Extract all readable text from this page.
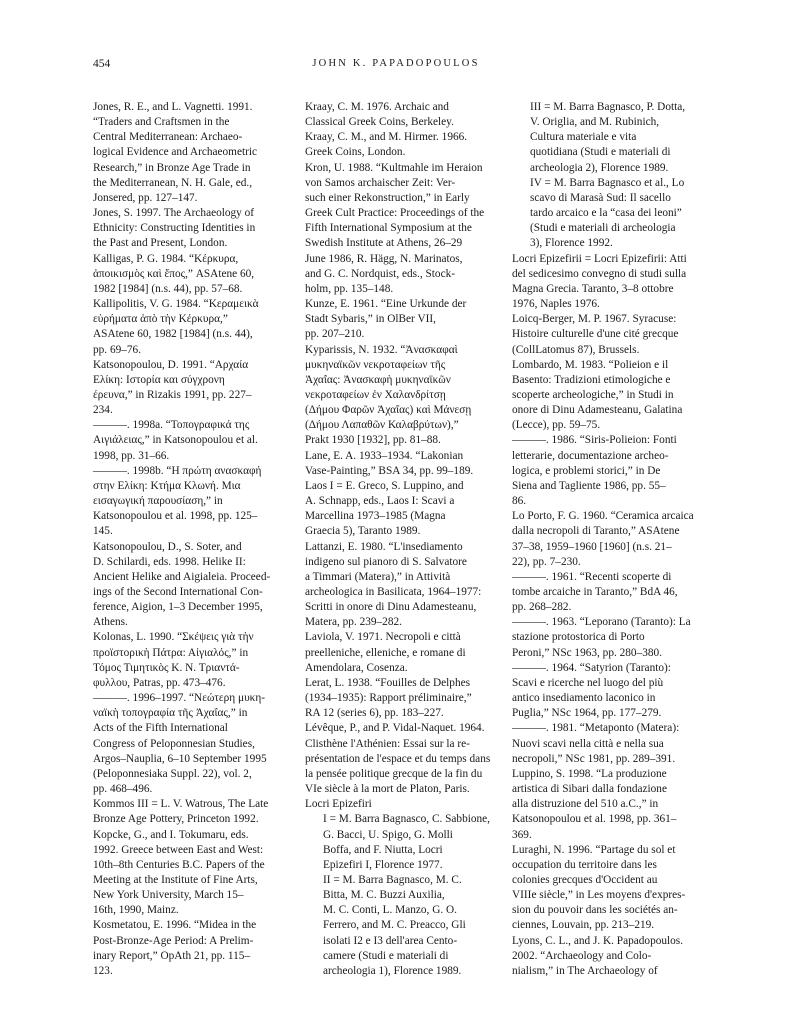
454	JOHN K. PAPADOPOULOS
Jones, R. E., and L. Vagnetti. 1991.
“Traders and Craftsmen in the
Central Mediterranean: Archaeo-
logical Evidence and Archaeometric
Research,” in Bronze Age Trade in
the Mediterranean, N. H. Gale, ed.,
Jonsered, pp. 127–147.
Jones, S. 1997. The Archaeology of
Ethnicity: Constructing Identities in
the Past and Present, London.
Kalligas, P. G. 1984. “Κέρκυρα,
ἀποικισμὸς καὶ ἔπος,” ASAtene 60,
1982 [1984] (n.s. 44), pp. 57–68.
Kallipolitis, V. G. 1984. “Κεραμεικὰ
εὑρήματα ἀπὸ τὴν Κέρκυρα,”
ASAtene 60, 1982 [1984] (n.s. 44),
pp. 69–76.
Katsonopoulou, D. 1991. “Αρχαία
Ελίκη: Ιστορία και σύγχρονη
έρευνα,” in Rizakis 1991, pp. 227–
234.
———. 1998a. “Τοπογραφικά της
Αιγιάλειας,” in Katsonopoulou et al.
1998, pp. 31–66.
———. 1998b. “Η πρώτη ανασκαφή
στην Ελίκη: Κτήμα Κλωνή. Μια
εισαγωγική παρουσίαση,” in
Katsonopoulou et al. 1998, pp. 125–
145.
Katsonopoulou, D., S. Soter, and
D. Schilardi, eds. 1998. Helike II:
Ancient Helike and Aigialeia. Proceed-
ings of the Second International Con-
ference, Aigion, 1–3 December 1995,
Athens.
Kolonas, L. 1990. “Σκέψεις γιὰ τὴν
προϊστορικὴ Πάτρα: Αἰγιαλός,” in
Τόμος Τιμητικὸς Κ. Ν. Τριαντά-
φυλλου, Patras, pp. 473–476.
———. 1996–1997. “Νεώτερη μυκη-
ναϊκὴ τοπογραφία τῆς Ἀχαΐας,” in
Acts of the Fifth International
Congress of Peloponnesian Studies,
Argos–Nauplia, 6–10 September 1995
(Peloponnesiaka Suppl. 22), vol. 2,
pp. 468–496.
Kommos III = L. V. Watrous, The Late
Bronze Age Pottery, Princeton 1992.
Kopcke, G., and I. Tokumaru, eds.
1992. Greece between East and West:
10th–8th Centuries B.C. Papers of the
Meeting at the Institute of Fine Arts,
New York University, March 15–
16th, 1990, Mainz.
Kosmetatou, E. 1996. “Midea in the
Post-Bronze-Age Period: A Prelim-
inary Report,” OpAth 21, pp. 115–
123.
Kraay, C. M. 1976. Archaic and
Classical Greek Coins, Berkeley.
Kraay, C. M., and M. Hirmer. 1966.
Greek Coins, London.
Kron, U. 1988. “Kultmahle im Heraion
von Samos archaischer Zeit: Ver-
such einer Rekonstruction,” in Early
Greek Cult Practice: Proceedings of the
Fifth International Symposium at the
Swedish Institute at Athens, 26–29
June 1986, R. Hägg, N. Marinatos,
and G. C. Nordquist, eds., Stock-
holm, pp. 135–148.
Kunze, E. 1961. “Eine Urkunde der
Stadt Sybaris,” in OlBer VII,
pp. 207–210.
Kyparissis, N. 1932. “Ἀνασκαφαὶ
μυκηναϊκῶν νεκροταφείων τῆς
Ἀχαΐας: Ἀνασκαφὴ μυκηναϊκῶν
νεκροταφείων ἐν Χαλανδρίτσῃ
(Δήμου Φαρῶν Ἀχαΐας) καὶ Μάνεσῃ
(Δήμου Λαπαθῶν Καλαβρύτων),”
Prakt 1930 [1932], pp. 81–88.
Lane, E. A. 1933–1934. “Lakonian
Vase-Painting,” BSA 34, pp. 99–189.
Laos I = E. Greco, S. Luppino, and
A. Schnapp, eds., Laos I: Scavi a
Marcellina 1973–1985 (Magna
Graecia 5), Taranto 1989.
Lattanzi, E. 1980. “L'insediamento
indigeno sul pianoro di S. Salvatore
a Timmari (Matera),” in Attività
archeologica in Basilicata, 1964–1977:
Scritti in onore di Dinu Adamesteanu,
Matera, pp. 239–282.
Laviola, V. 1971. Necropoli e città
preelleniche, elleniche, e romane di
Amendolara, Cosenza.
Lerat, L. 1938. “Fouilles de Delphes
(1934–1935): Rapport préliminaire,”
RA 12 (series 6), pp. 183–227.
Lévêque, P., and P. Vidal-Naquet. 1964.
Clisthène l'Athénien: Essai sur la re-
présentation de l'espace et du temps dans
la pensée politique grecque de la fin du
VIe siècle à la mort de Platon, Paris.
Locri Epizefiri
I = M. Barra Bagnasco, C. Sabbione,
G. Bacci, U. Spigo, G. Molli
Boffa, and F. Niutta, Locri
Epizefiri I, Florence 1977.
II = M. Barra Bagnasco, M. C.
Bitta, M. C. Buzzi Auxilia,
M. C. Conti, L. Manzo, G. O.
Ferrero, and M. C. Preacco, Gli
isolati I2 e I3 dell'area Cento-
camere (Studi e materiali di
archeologia 1), Florence 1989.
III = M. Barra Bagnasco, P. Dotta,
V. Origlia, and M. Rubinich,
Cultura materiale e vita
quotidiana (Studi e materiali di
archeologia 2), Florence 1989.
IV = M. Barra Bagnasco et al., Lo
scavo di Marasà Sud: Il sacello
tardo arcaico e la “casa dei leoni”
(Studi e materiali di archeologia
3), Florence 1992.
Locri Epizefirii = Locri Epizefirii: Atti
del sedicesimo convegno di studi sulla
Magna Grecia. Taranto, 3–8 ottobre
1976, Naples 1976.
Loicq-Berger, M. P. 1967. Syracuse:
Histoire culturelle d'une cité grecque
(CollLatomus 87), Brussels.
Lombardo, M. 1983. “Polieion e il
Basento: Tradizioni etimologiche e
scoperte archeologiche,” in Studi in
onore di Dinu Adamesteanu, Galatina
(Lecce), pp. 59–75.
———. 1986. “Siris-Polieion: Fonti
letterarie, documentazione archeo-
logica, e problemi storici,” in De
Siena and Tagliente 1986, pp. 55–
86.
Lo Porto, F. G. 1960. “Ceramica arcaica
dalla necropoli di Taranto,” ASAtene
37–38, 1959–1960 [1960] (n.s. 21–
22), pp. 7–230.
———. 1961. “Recenti scoperte di
tombe arcaiche in Taranto,” BdA 46,
pp. 268–282.
———. 1963. “Leporano (Taranto): La
stazione protostorica di Porto
Peroni,” NSc 1963, pp. 280–380.
———. 1964. “Satyrion (Taranto):
Scavi e ricerche nel luogo del più
antico insediamento laconico in
Puglia,” NSc 1964, pp. 177–279.
———. 1981. “Metaponto (Matera):
Nuovi scavi nella città e nella sua
necropoli,” NSc 1981, pp. 289–391.
Luppino, S. 1998. “La produzione
artistica di Sibari dalla fondazione
alla distruzione del 510 a.C.,” in
Katsonopoulou et al. 1998, pp. 361–
369.
Luraghi, N. 1996. “Partage du sol et
occupation du territoire dans les
colonies grecques d'Occident au
VIIIe siècle,” in Les moyens d'expres-
sion du pouvoir dans les sociétés an-
ciennes, Louvain, pp. 213–219.
Lyons, C. L., and J. K. Papadopoulos.
2002. “Archaeology and Colo-
nialism,” in The Archaeology of
